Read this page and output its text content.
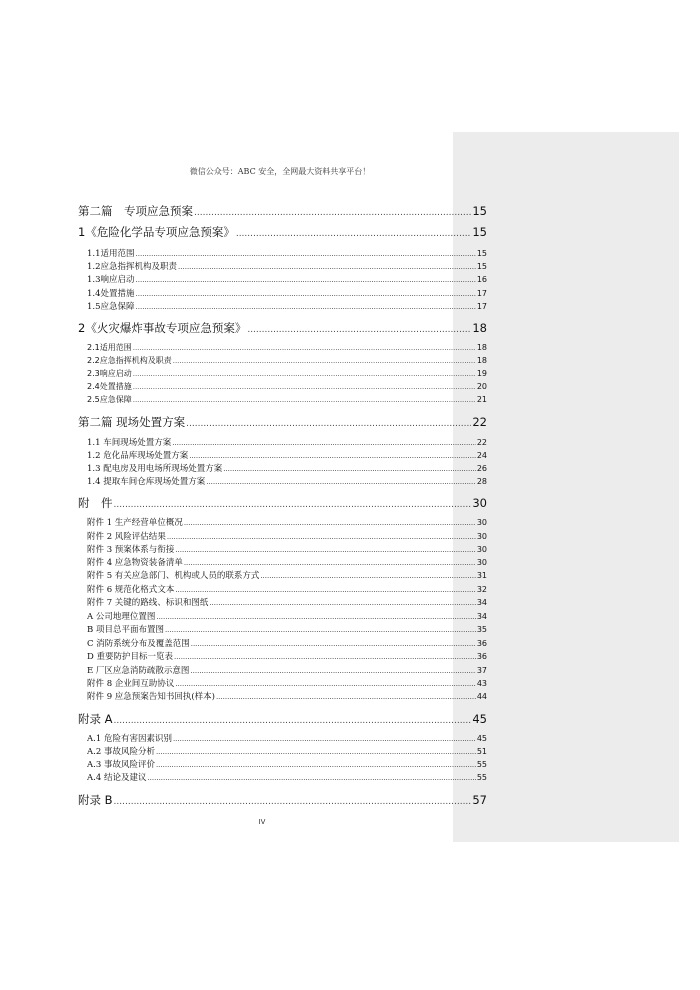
微信公众号：ABC 安全，全网最大资料共享平台！
第二篇　专项应急预案 .....	15
1《危险化学品专项应急预案》 .....	15
1.1 适用范围 .....	15
1.2 应急指挥机构及职责 .....	15
1.3 响应启动 .....	16
1.4 处置措施 .....	17
1.5 应急保障 .....	17
2《火灾爆炸事故专项应急预案》 .....	18
2.1 适用范围 .....	18
2.2 应急指挥机构及职责 .....	18
2.3 响应启动 .....	19
2.4 处置措施 .....	20
2.5 应急保障 .....	21
第二篇 现场处置方案 .....	22
1.1 车间现场处置方案 .....	22
1.2 危化品库现场处置方案 .....	24
1.3 配电房及用电场所现场处置方案 .....	26
1.4 提取车间仓库现场处置方案 .....	28
附　件 .....	30
附件 1 生产经营单位概况 .....	30
附件 2 风险评估结果 .....	30
附件 3 预案体系与衔接 .....	30
附件 4 应急物资装备清单 .....	30
附件 5 有关应急部门、机构或人员的联系方式 .....	31
附件 6 规范化格式文本 .....	32
附件 7 关键的路线、标识和图纸 .....	34
A 公司地理位置图 .....	34
B 项目总平面布置图 .....	35
C 消防系统分布及覆盖范围 .....	36
D 重要防护目标一览表 .....	36
E 厂区应急消防疏散示意图 .....	37
附件 8 企业间互助协议 .....	43
附件 9 应急预案告知书回执(样本) .....	44
附录 A .....	45
A.1 危险有害因素识别 .....	45
A.2 事故风险分析 .....	51
A.3 事故风险评价 .....	55
A.4 结论及建议 .....	55
附录 B .....	57
IV
